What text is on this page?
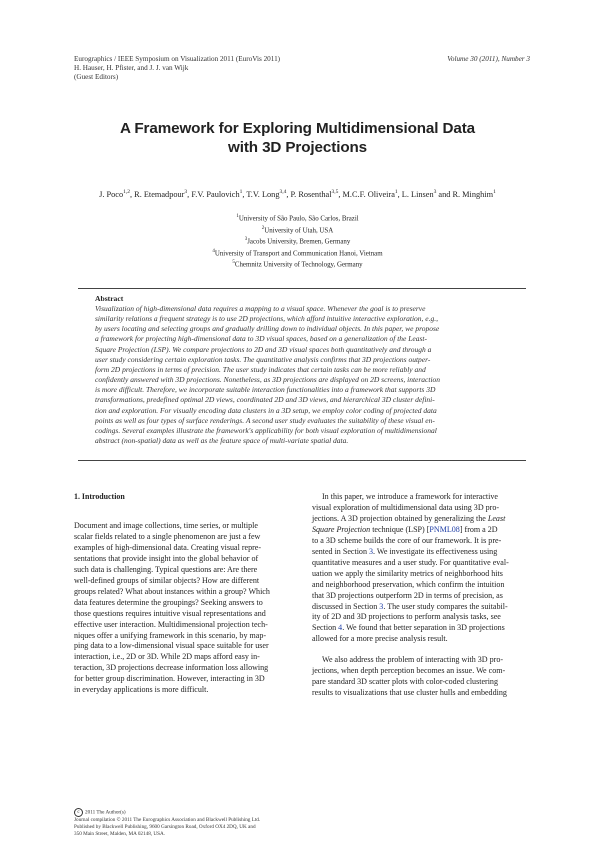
Eurographics / IEEE Symposium on Visualization 2011 (EuroVis 2011)
H. Hauser, H. Pfister, and J. J. van Wijk
(Guest Editors)
Volume 30 (2011), Number 3
A Framework for Exploring Multidimensional Data
with 3D Projections
J. Poco$^{1,2}$, R. Etemadpour$^3$, F.V. Paulovich$^1$, T.V. Long$^{3,4}$, P. Rosenthal$^{3,5}$, M.C.F. Oliveira$^1$, L. Linsen$^3$ and R. Minghim$^1$
$^1$University of São Paulo, São Carlos, Brazil
$^2$University of Utah, USA
$^3$Jacobs University, Bremen, Germany
$^4$University of Transport and Communication Hanoi, Vietnam
$^5$Chemnitz University of Technology, Germany
Abstract
Visualization of high-dimensional data requires a mapping to a visual space. Whenever the goal is to preserve
similarity relations a frequent strategy is to use 2D projections, which afford intuitive interactive exploration, e.g.,
by users locating and selecting groups and gradually drilling down to individual objects. In this paper, we propose
a framework for projecting high-dimensional data to 3D visual spaces, based on a generalization of the Least-
Square Projection (LSP). We compare projections to 2D and 3D visual spaces both quantitatively and through a
user study considering certain exploration tasks. The quantitative analysis confirms that 3D projections outper-
form 2D projections in terms of precision. The user study indicates that certain tasks can be more reliably and
confidently answered with 3D projections. Nonetheless, as 3D projections are displayed on 2D screens, interaction
is more difficult. Therefore, we incorporate suitable interaction functionalities into a framework that supports 3D
transformations, predefined optimal 2D views, coordinated 2D and 3D views, and hierarchical 3D cluster defini-
tion and exploration. For visually encoding data clusters in a 3D setup, we employ color coding of projected data
points as well as four types of surface renderings. A second user study evaluates the suitability of these visual en-
codings. Several examples illustrate the framework's applicability for both visual exploration of multidimensional
abstract (non-spatial) data as well as the feature space of multi-variate spatial data.
1. Introduction
Document and image collections, time series, or multiple
scalar fields related to a single phenomenon are just a few
examples of high-dimensional data. Creating visual repre-
sentations that provide insight into the global behavior of
such data is challenging. Typical questions are: Are there
well-defined groups of similar objects? How are different
groups related? What about instances within a group? Which
data features determine the groupings? Seeking answers to
those questions requires intuitive visual representations and
effective user interaction. Multidimensional projection tech-
niques offer a unifying framework in this scenario, by map-
ping data to a low-dimensional visual space suitable for user
interaction, i.e., 2D or 3D. While 2D maps afford easy in-
teraction, 3D projections decrease information loss allowing
for better group discrimination. However, interacting in 3D
in everyday applications is more difficult.
In this paper, we introduce a framework for interactive
visual exploration of multidimensional data using 3D pro-
jections. A 3D projection obtained by generalizing the Least
Square Projection technique (LSP) [PNML08] from a 2D
to a 3D scheme builds the core of our framework. It is pre-
sented in Section 3. We investigate its effectiveness using
quantitative measures and a user study. For quantitative eval-
uation we apply the similarity metrics of neighborhood hits
and neighborhood preservation, which confirm the intuition
that 3D projections outperform 2D in terms of precision, as
discussed in Section 3. The user study compares the suitabil-
ity of 2D and 3D projections to perform analysis tasks, see
Section 4. We found that better separation in 3D projections
allowed for a more precise analysis result.
We also address the problem of interacting with 3D pro-
jections, when depth perception becomes an issue. We com-
pare standard 3D scatter plots with color-coded clustering
results to visualizations that use cluster hulls and embedding
c 2011 The Author(s)
Journal compilation © 2011 The Eurographics Association and Blackwell Publishing Ltd.
Published by Blackwell Publishing, 9600 Garsington Road, Oxford OX4 2DQ, UK and
350 Main Street, Malden, MA 02148, USA.
